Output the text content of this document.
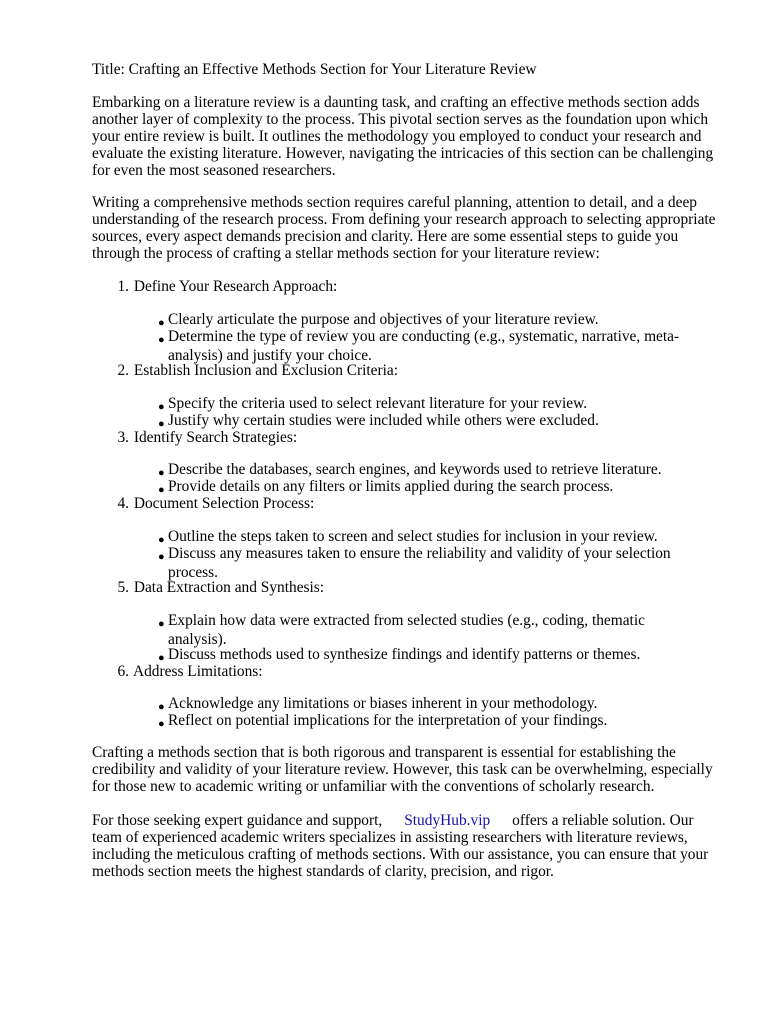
Title: Crafting an Effective Methods Section for Your Literature Review

Embarking on a literature review is a daunting task, and crafting an effective methods section adds
another layer of complexity to the process. This pivotal section serves as the foundation upon which
your entire review is built. It outlines the methodology you employed to conduct your research and
evaluate the existing literature. However, navigating the intricacies of this section can be challenging
for even the most seasoned researchers.

Writing a comprehensive methods section requires careful planning, attention to detail, and a deep
understanding of the research process. From defining your research approach to selecting appropriate
sources, every aspect demands precision and clarity. Here are some essential steps to guide you
through the process of crafting a stellar methods section for your literature review:

1. Define Your Research Approach:
● Clearly articulate the purpose and objectives of your literature review.
● Determine the type of review you are conducting (e.g., systematic, narrative, meta-
analysis) and justify your choice.
2. Establish Inclusion and Exclusion Criteria:
● Specify the criteria used to select relevant literature for your review.
● Justify why certain studies were included while others were excluded.
3. Identify Search Strategies:
● Describe the databases, search engines, and keywords used to retrieve literature.
● Provide details on any filters or limits applied during the search process.
4. Document Selection Process:
● Outline the steps taken to screen and select studies for inclusion in your review.
● Discuss any measures taken to ensure the reliability and validity of your selection
process.
5. Data Extraction and Synthesis:
● Explain how data were extracted from selected studies (e.g., coding, thematic
analysis).
● Discuss methods used to synthesize findings and identify patterns or themes.
6. Address Limitations:
● Acknowledge any limitations or biases inherent in your methodology.
● Reflect on potential implications for the interpretation of your findings.

Crafting a methods section that is both rigorous and transparent is essential for establishing the
credibility and validity of your literature review. However, this task can be overwhelming, especially
for those new to academic writing or unfamiliar with the conventions of scholarly research.

For those seeking expert guidance and support, StudyHub.vip offers a reliable solution. Our
team of experienced academic writers specializes in assisting researchers with literature reviews,
including the meticulous crafting of methods sections. With our assistance, you can ensure that your
methods section meets the highest standards of clarity, precision, and rigor.
